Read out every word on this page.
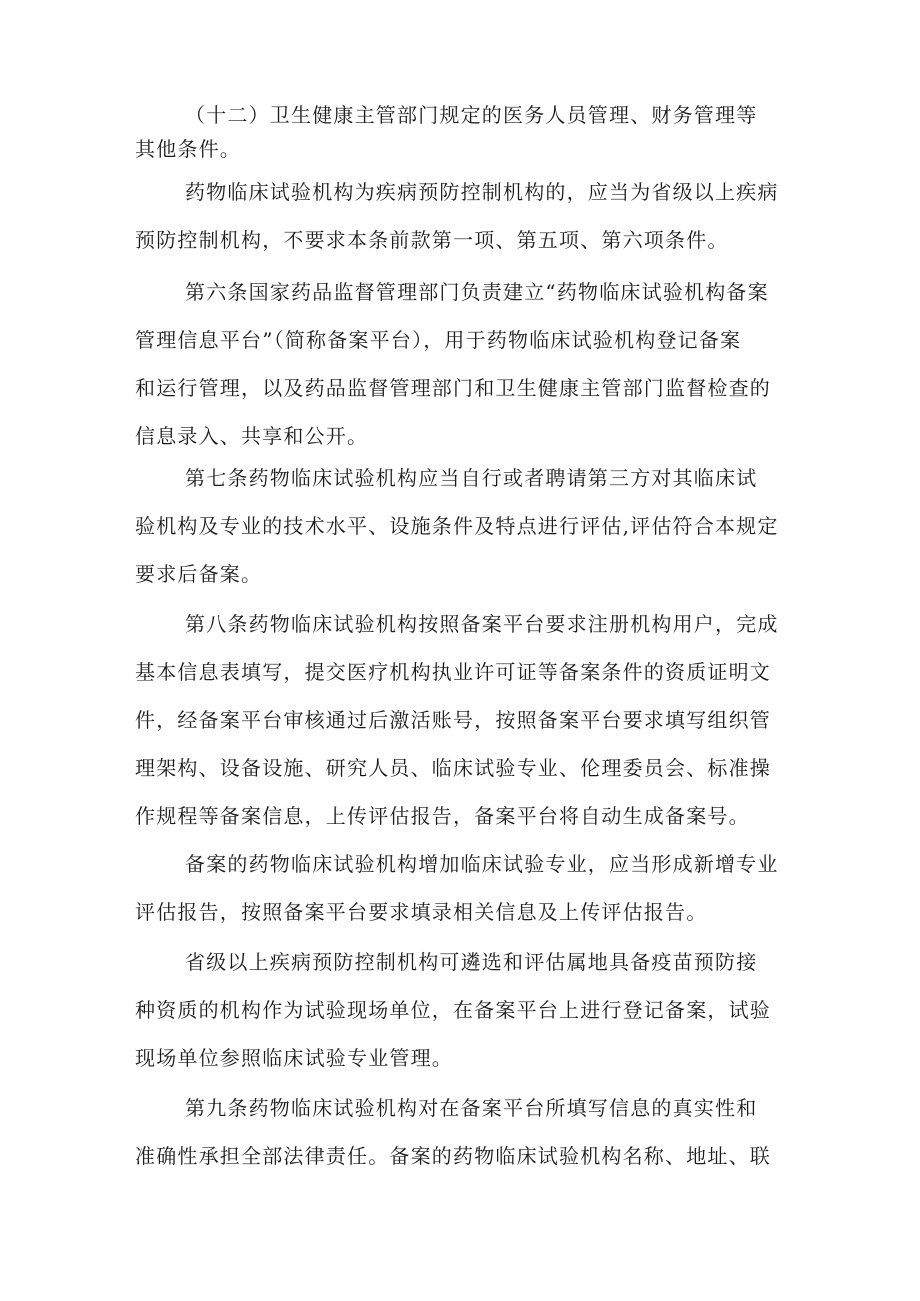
（十二）卫生健康主管部门规定的医务人员管理、财务管理等
其他条件。
药物临床试验机构为疾病预防控制机构的，应当为省级以上疾病
预防控制机构，不要求本条前款第一项、第五项、第六项条件。
第六条国家药品监督管理部门负责建立“药物临床试验机构备案
管理信息平台”（简称备案平台），用于药物临床试验机构登记备案
和运行管理，以及药品监督管理部门和卫生健康主管部门监督检查的
信息录入、共享和公开。
第七条药物临床试验机构应当自行或者聘请第三方对其临床试
验机构及专业的技术水平、设施条件及特点进行评估,评估符合本规定
要求后备案。
第八条药物临床试验机构按照备案平台要求注册机构用户，完成
基本信息表填写，提交医疗机构执业许可证等备案条件的资质证明文
件，经备案平台审核通过后激活账号，按照备案平台要求填写组织管
理架构、设备设施、研究人员、临床试验专业、伦理委员会、标准操
作规程等备案信息，上传评估报告，备案平台将自动生成备案号。
备案的药物临床试验机构增加临床试验专业，应当形成新增专业
评估报告，按照备案平台要求填录相关信息及上传评估报告。
省级以上疾病预防控制机构可遴选和评估属地具备疫苗预防接
种资质的机构作为试验现场单位，在备案平台上进行登记备案，试验
现场单位参照临床试验专业管理。
第九条药物临床试验机构对在备案平台所填写信息的真实性和
准确性承担全部法律责任。备案的药物临床试验机构名称、地址、联
